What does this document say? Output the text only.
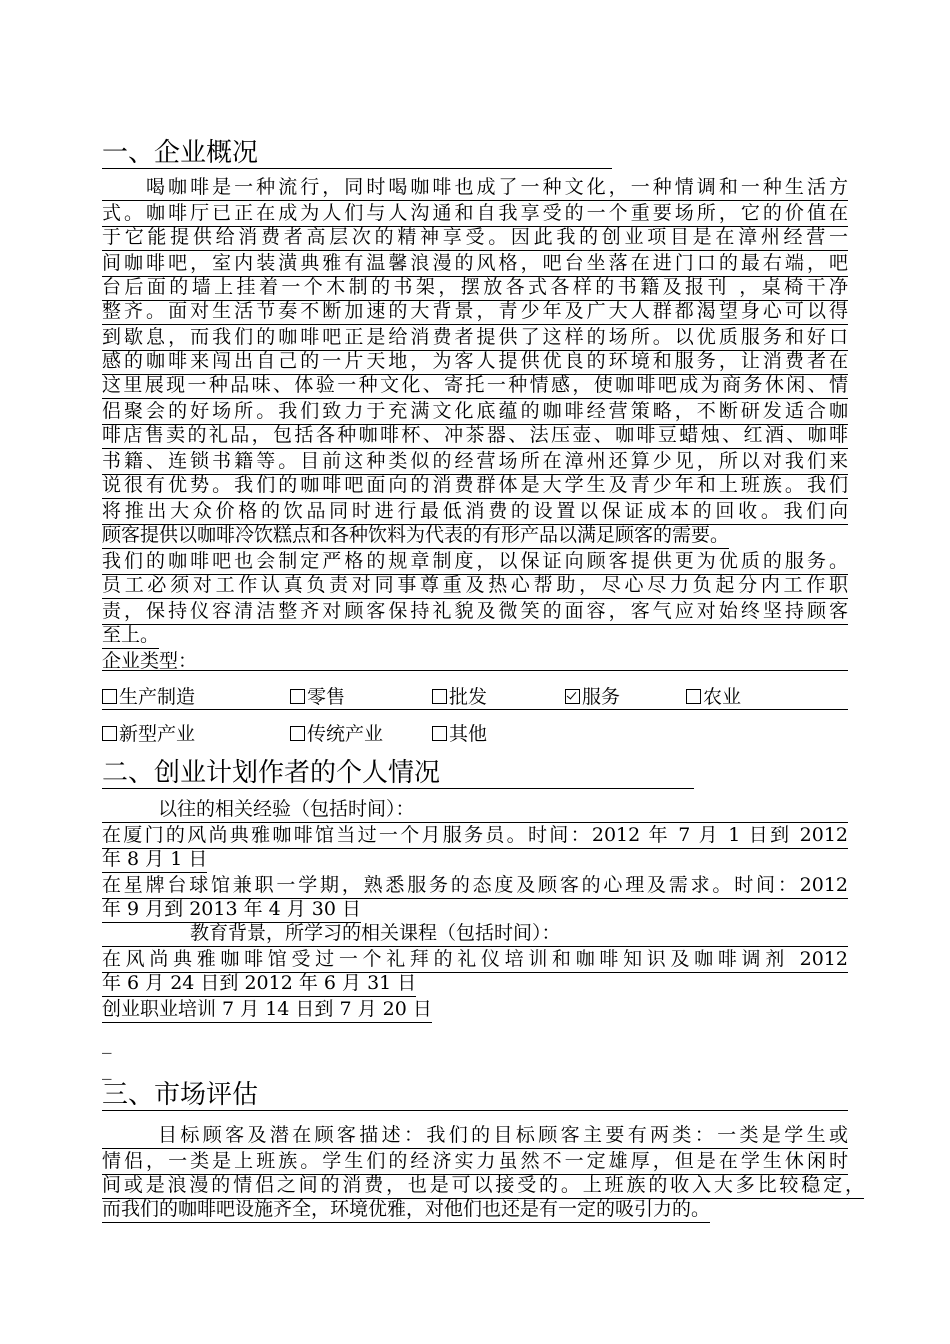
一、企业概况
喝咖啡是一种流行，同时喝咖啡也成了一种文化，一种情调和一种生活方
式。咖啡厅已正在成为人们与人沟通和自我享受的一个重要场所，它的价值在
于它能提供给消费者高层次的精神享受。因此我的创业项目是在漳州经营一
间咖啡吧，室内装潢典雅有温馨浪漫的风格，吧台坐落在进门口的最右端，吧
台后面的墙上挂着一个木制的书架，摆放各式各样的书籍及报刊 ，桌椅干净
整齐。面对生活节奏不断加速的大背景，青少年及广大人群都渴望身心可以得
到歇息，而我们的咖啡吧正是给消费者提供了这样的场所。以优质服务和好口
感的咖啡来闯出自己的一片天地，为客人提供优良的环境和服务，让消费者在
这里展现一种品味、体验一种文化、寄托一种情感，使咖啡吧成为商务休闲、情
侣聚会的好场所。我们致力于充满文化底蕴的咖啡经营策略，不断研发适合咖
啡店售卖的礼品，包括各种咖啡杯、冲茶器、法压壶、咖啡豆蜡烛、红酒、咖啡
书籍、连锁书籍等。目前这种类似的经营场所在漳州还算少见，所以对我们来
说很有优势。我们的咖啡吧面向的消费群体是大学生及青少年和上班族。我们
将推出大众价格的饮品同时进行最低消费的设置以保证成本的回收。我们向
顾客提供以咖啡冷饮糕点和各种饮料为代表的有形产品以满足顾客的需要。
我们的咖啡吧也会制定严格的规章制度，以保证向顾客提供更为优质的服务。
员工必须对工作认真负责对同事尊重及热心帮助，尽心尽力负起分内工作职
责，保持仪容清洁整齐对顾客保持礼貌及微笑的面容，客气应对始终坚持顾客
至上。
企业类型：
生产制造	零售	批发	服务	农业
新型产业	传统产业	其他
二、创业计划作者的个人情况
以往的相关经验（包括时间）：
在厦门的风尚典雅咖啡馆当过一个月服务员。时间：2012 年 7 月 1 日到 2012
年 8 月 1 日
在星牌台球馆兼职一学期，熟悉服务的态度及顾客的心理及需求。时间：2012
年 9 月到 2013 年 4 月 30 日
教育背景，所学习的相关课程（包括时间）：
在风尚典雅咖啡馆受过一个礼拜的礼仪培训和咖啡知识及咖啡调剂 2012
年 6 月 24 日到 2012 年 6 月 31 日
创业职业培训 7 月 14 日到 7 月 20 日
_
_
三、市场评估
目标顾客及潜在顾客描述：我们的目标顾客主要有两类：一类是学生或
情侣，一类是上班族。学生们的经济实力虽然不一定雄厚，但是在学生休闲时
间或是浪漫的情侣之间的消费，也是可以接受的。上班族的收入大多比较稳定，
而我们的咖啡吧设施齐全，环境优雅，对他们也还是有一定的吸引力的。
